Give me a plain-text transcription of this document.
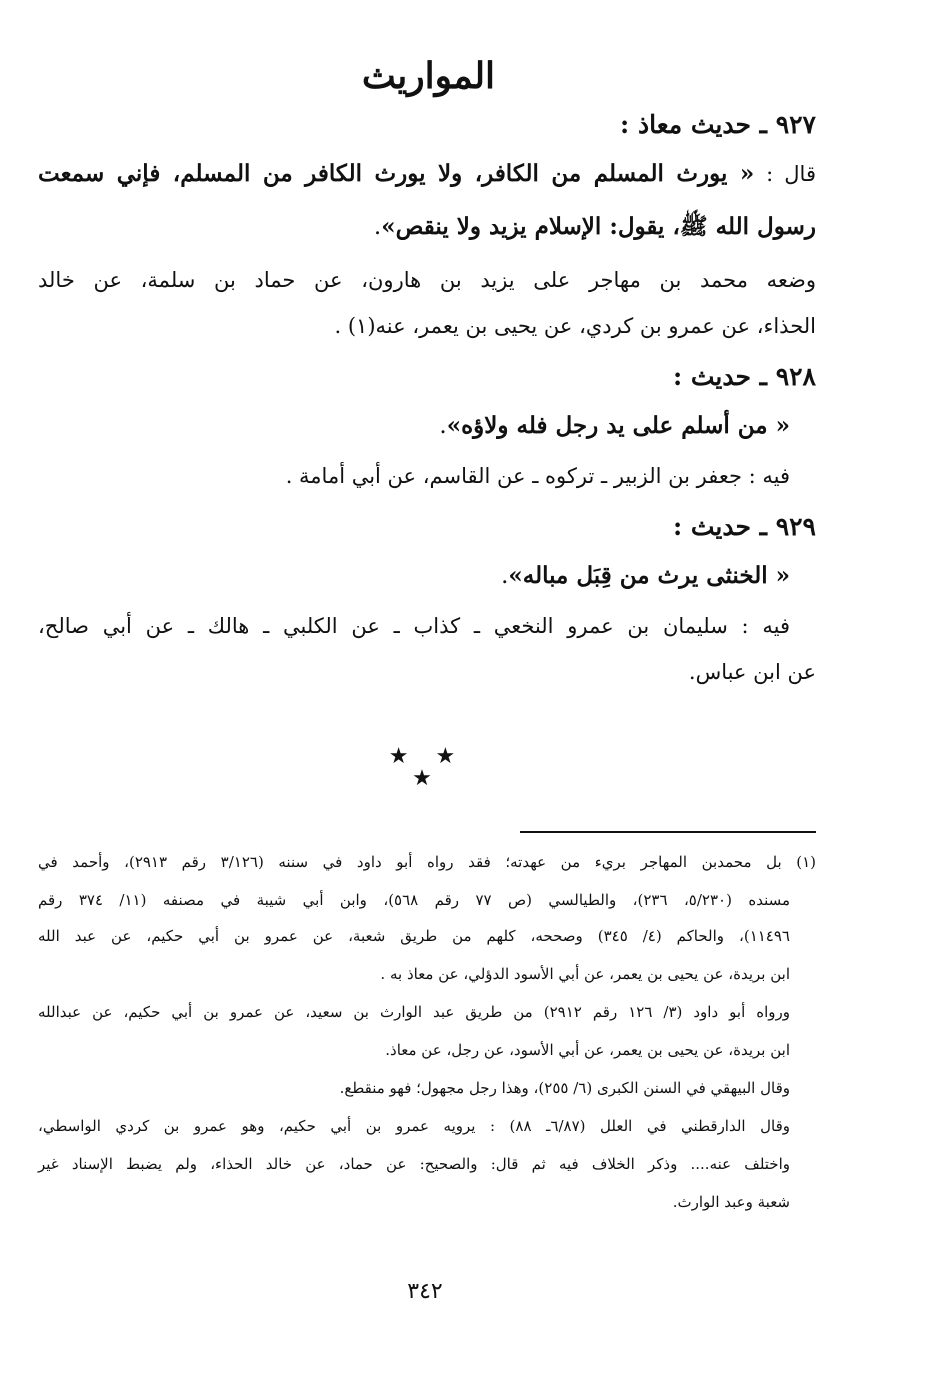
المواريث
٩٢٧ ـ حديث معاذ :
قال : « يورث المسلم من الكافر، ولا يورث الكافر من المسلم، فإني سمعت
رسول الله ﷺ، يقول: الإسلام يزيد ولا ينقص».
وضعه محمد بن مهاجر على يزيد بن هارون، عن حماد بن سلمة، عن خالد
الحذاء، عن عمرو بن كردي، عن يحيى بن يعمر، عنه(١) .
٩٢٨ ـ حديث :
« من أسلم على يد رجل فله ولاؤه».
فيه : جعفر بن الزبير ـ تركوه ـ عن القاسم، عن أبي أمامة .
٩٢٩ ـ حديث :
« الخنثى يرث من قِبَل مباله».
فيه : سليمان بن عمرو النخعي ـ كذاب ـ عن الكلبي ـ هالك ـ عن أبي صالح،
عن ابن عباس.
★ ★ ★
(١) بل محمدبن المهاجر بريء من عهدته؛ فقد رواه أبو داود في سننه (٣/١٢٦ رقم ٢٩١٣)، وأحمد في
مسنده (٥/٢٣٠، ٢٣٦)، والطيالسي (ص ٧٧ رقم ٥٦٨)، وابن أبي شيبة في مصنفه (١١/ ٣٧٤ رقم
١١٤٩٦)، والحاكم (٤/ ٣٤٥) وصححه، كلهم من طريق شعبة، عن عمرو بن أبي حكيم، عن عبد الله
ابن بريدة، عن يحيى بن يعمر، عن أبي الأسود الدؤلي، عن معاذ به .
ورواه أبو داود (٣/ ١٢٦ رقم ٢٩١٢) من طريق عبد الوارث بن سعيد، عن عمرو بن أبي حكيم، عن عبدالله
ابن بريدة، عن يحيى بن يعمر، عن أبي الأسود، عن رجل، عن معاذ.
وقال البيهقي في السنن الكبرى (٦/ ٢٥٥)، وهذا رجل مجهول؛ فهو منقطع.
وقال الدارقطني في العلل (٦/٨٧ـ ٨٨) : يرويه عمرو بن أبي حكيم، وهو عمرو بن كردي الواسطي،
واختلف عنه.... وذكر الخلاف فيه ثم قال: والصحيح: عن حماد، عن خالد الحذاء، ولم يضبط الإسناد غير
شعبة وعبد الوارث.
٣٤٢
